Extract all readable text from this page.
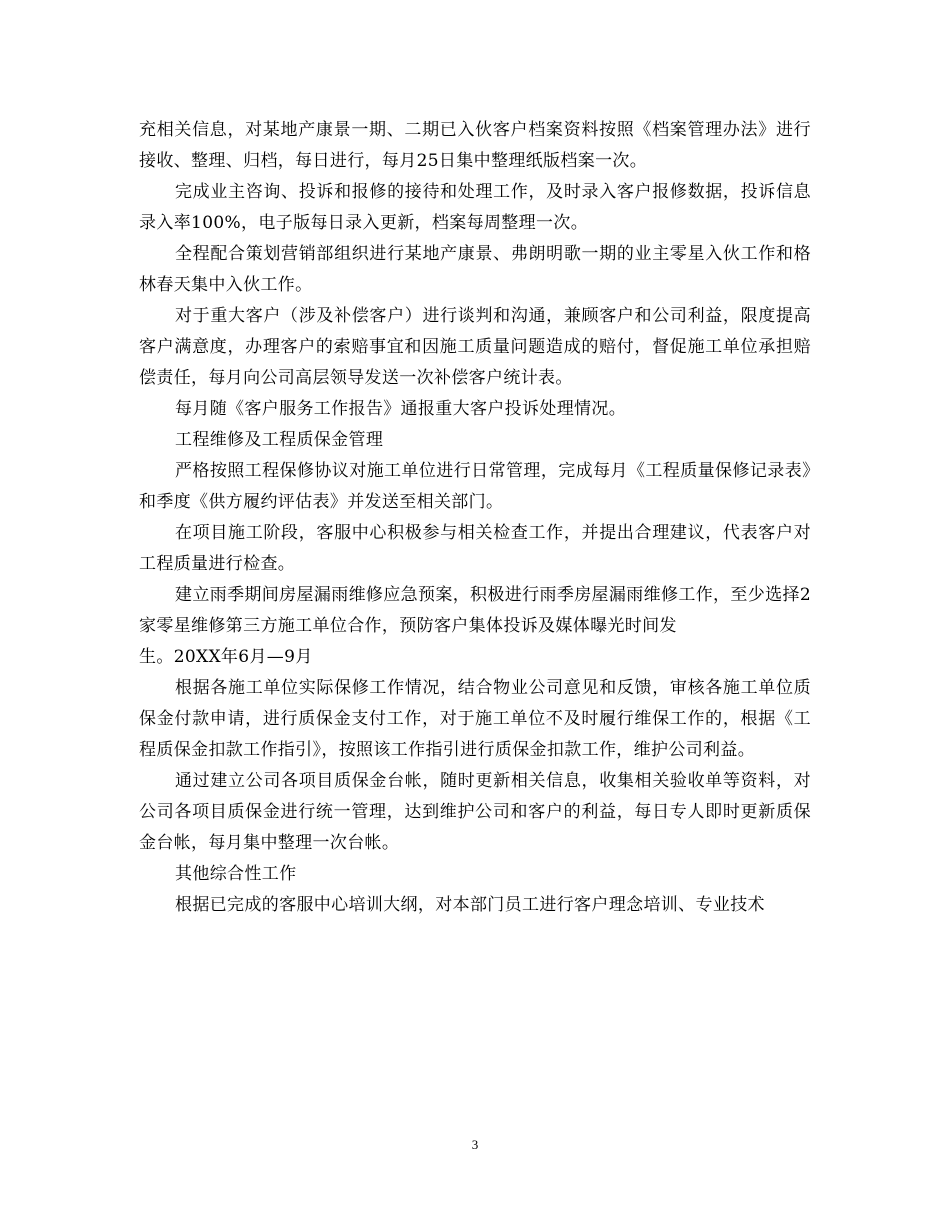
充相关信息，对某地产康景一期、二期已入伙客户档案资料按照《档案管理办法》进行接收、整理、归档，每日进行，每月25日集中整理纸版档案一次。

完成业主咨询、投诉和报修的接待和处理工作，及时录入客户报修数据，投诉信息录入率100%，电子版每日录入更新，档案每周整理一次。

全程配合策划营销部组织进行某地产康景、弗朗明歌一期的业主零星入伙工作和格林春天集中入伙工作。

对于重大客户（涉及补偿客户）进行谈判和沟通，兼顾客户和公司利益，限度提高客户满意度，办理客户的索赔事宜和因施工质量问题造成的赔付，督促施工单位承担赔偿责任，每月向公司高层领导发送一次补偿客户统计表。

每月随《客户服务工作报告》通报重大客户投诉处理情况。

工程维修及工程质保金管理

严格按照工程保修协议对施工单位进行日常管理，完成每月《工程质量保修记录表》和季度《供方履约评估表》并发送至相关部门。

在项目施工阶段，客服中心积极参与相关检查工作，并提出合理建议，代表客户对工程质量进行检查。

建立雨季期间房屋漏雨维修应急预案，积极进行雨季房屋漏雨维修工作，至少选择2家零星维修第三方施工单位合作，预防客户集体投诉及媒体曝光时间发

生。20XX年6月—9月

根据各施工单位实际保修工作情况，结合物业公司意见和反馈，审核各施工单位质保金付款申请，进行质保金支付工作，对于施工单位不及时履行维保工作的，根据《工程质保金扣款工作指引》，按照该工作指引进行质保金扣款工作，维护公司利益。

通过建立公司各项目质保金台帐，随时更新相关信息，收集相关验收单等资料，对公司各项目质保金进行统一管理，达到维护公司和客户的利益，每日专人即时更新质保金台帐，每月集中整理一次台帐。

其他综合性工作

根据已完成的客服中心培训大纲，对本部门员工进行客户理念培训、专业技术

3
